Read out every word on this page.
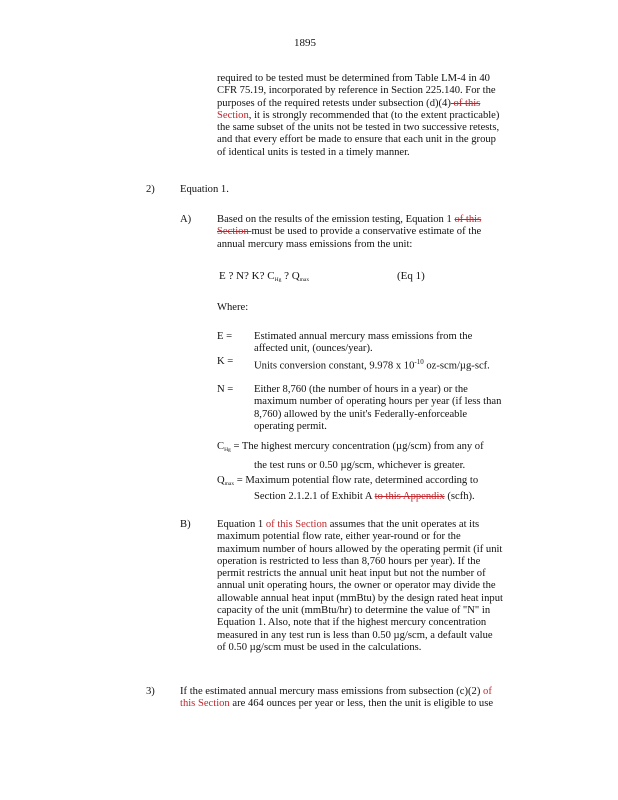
1895
required to be tested must be determined from Table LM-4 in 40
CFR 75.19, incorporated by reference in Section 225.140. For the
purposes of the required retests under subsection (d)(4) of this
Section, it is strongly recommended that (to the extent practicable)
the same subset of the units not be tested in two successive retests,
and that every effort be made to ensure that each unit in the group
of identical units is tested in a timely manner.
2) Equation 1.
A) Based on the results of the emission testing, Equation 1 of this
Section must be used to provide a conservative estimate of the
annual mercury mass emissions from the unit:
E ? N? K? $C_{Hg}$ ? $Q_{max}$	(Eq 1)
Where:
E = Estimated annual mercury mass emissions from the
affected unit, (ounces/year).
K = Units conversion constant, 9.978 x $10^{-10}$ oz-scm/µg-scf.
N = Either 8,760 (the number of hours in a year) or the
maximum number of operating hours per year (if less than
8,760) allowed by the unit's Federally-enforceable
operating permit.
$C_{Hg}$ = The highest mercury concentration (µg/scm) from any of
the test runs or 0.50 µg/scm, whichever is greater.
$Q_{max}$ = Maximum potential flow rate, determined according to
Section 2.1.2.1 of Exhibit A to this Appendix (scfh).
B) Equation 1 of this Section assumes that the unit operates at its
maximum potential flow rate, either year-round or for the
maximum number of hours allowed by the operating permit (if unit
operation is restricted to less than 8,760 hours per year). If the
permit restricts the annual unit heat input but not the number of
annual unit operating hours, the owner or operator may divide the
allowable annual heat input (mmBtu) by the design rated heat input
capacity of the unit (mmBtu/hr) to determine the value of "N" in
Equation 1. Also, note that if the highest mercury concentration
measured in any test run is less than 0.50 µg/scm, a default value
of 0.50 µg/scm must be used in the calculations.
3) If the estimated annual mercury mass emissions from subsection (c)(2) of
this Section are 464 ounces per year or less, then the unit is eligible to use
